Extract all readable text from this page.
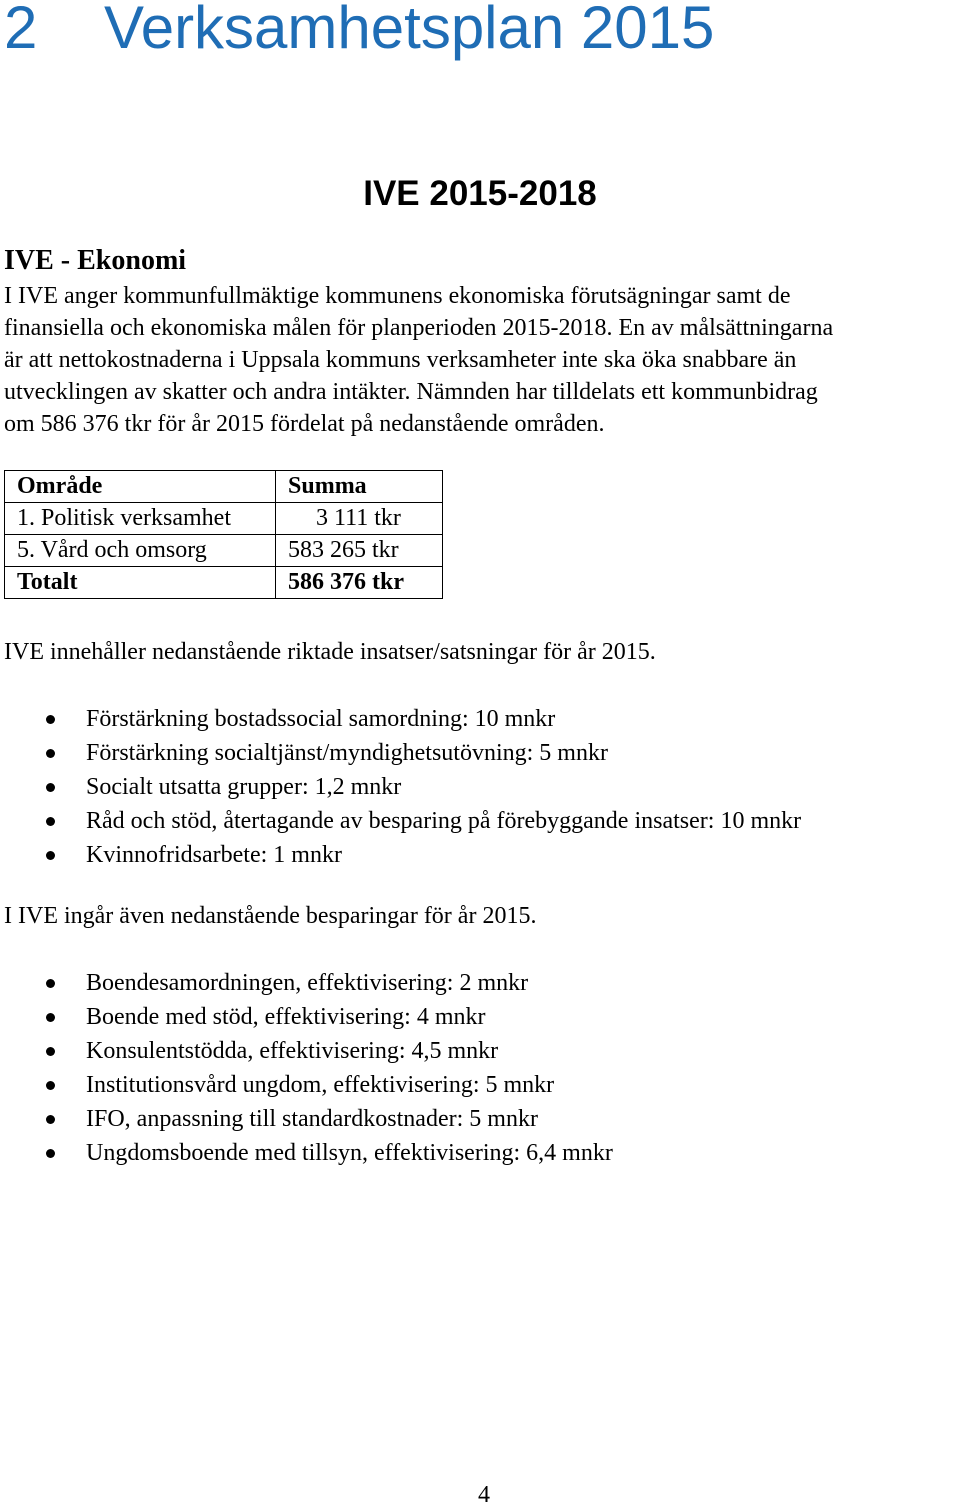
2 Verksamhetsplan 2015
IVE 2015-2018
IVE - Ekonomi

I IVE anger kommunfullmäktige kommunens ekonomiska förutsägningar samt de
finansiella och ekonomiska målen för planperioden 2015-2018. En av målsättningarna
är att nettokostnaderna i Uppsala kommuns verksamheter inte ska öka snabbare än
utvecklingen av skatter och andra intäkter. Nämnden har tilldelats ett kommunbidrag
om 586 376 tkr för år 2015 fördelat på nedanstående områden.

Område	Summa
1. Politisk verksamhet	3 111 tkr
5. Vård och omsorg	583 265 tkr
Totalt	586 376 tkr

IVE innehåller nedanstående riktade insatser/satsningar för år 2015.

Förstärkning bostadssocial samordning: 10 mnkr
Förstärkning socialtjänst/myndighetsutövning: 5 mnkr
Socialt utsatta grupper: 1,2 mnkr
Råd och stöd, återtagande av besparing på förebyggande insatser: 10 mnkr
Kvinnofridsarbete: 1 mnkr

I IVE ingår även nedanstående besparingar för år 2015.

Boendesamordningen, effektivisering: 2 mnkr
Boende med stöd, effektivisering: 4 mnkr
Konsulentstödda, effektivisering: 4,5 mnkr
Institutionsvård ungdom, effektivisering: 5 mnkr
IFO, anpassning till standardkostnader: 5 mnkr
Ungdomsboende med tillsyn, effektivisering: 6,4 mnkr
4
